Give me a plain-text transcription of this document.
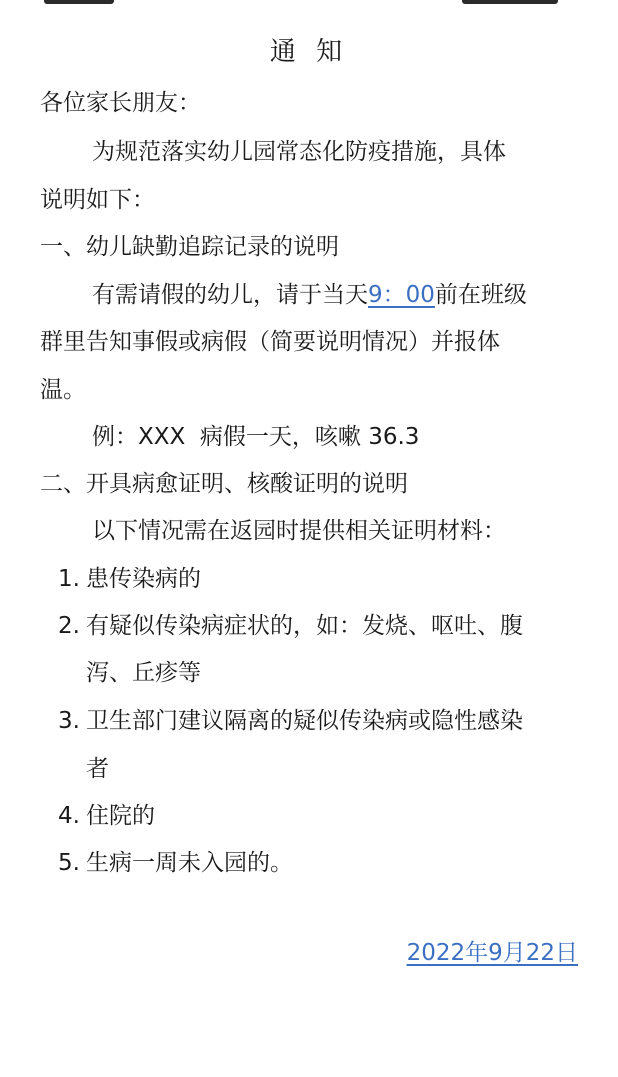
通 知
各位家长朋友：
为规范落实幼儿园常态化防疫措施，具体
说明如下：
一、幼儿缺勤追踪记录的说明
有需请假的幼儿，请于当天9：00前在班级
群里告知事假或病假（简要说明情况）并报体
温。
例：XXX  病假一天，咳嗽 36.3
二、开具病愈证明、核酸证明的说明
以下情况需在返园时提供相关证明材料：
1. 患传染病的
2. 有疑似传染病症状的，如：发烧、呕吐、腹
泻、丘疹等
3. 卫生部门建议隔离的疑似传染病或隐性感染
者
4. 住院的
5. 生病一周未入园的。
2022年9月22日
